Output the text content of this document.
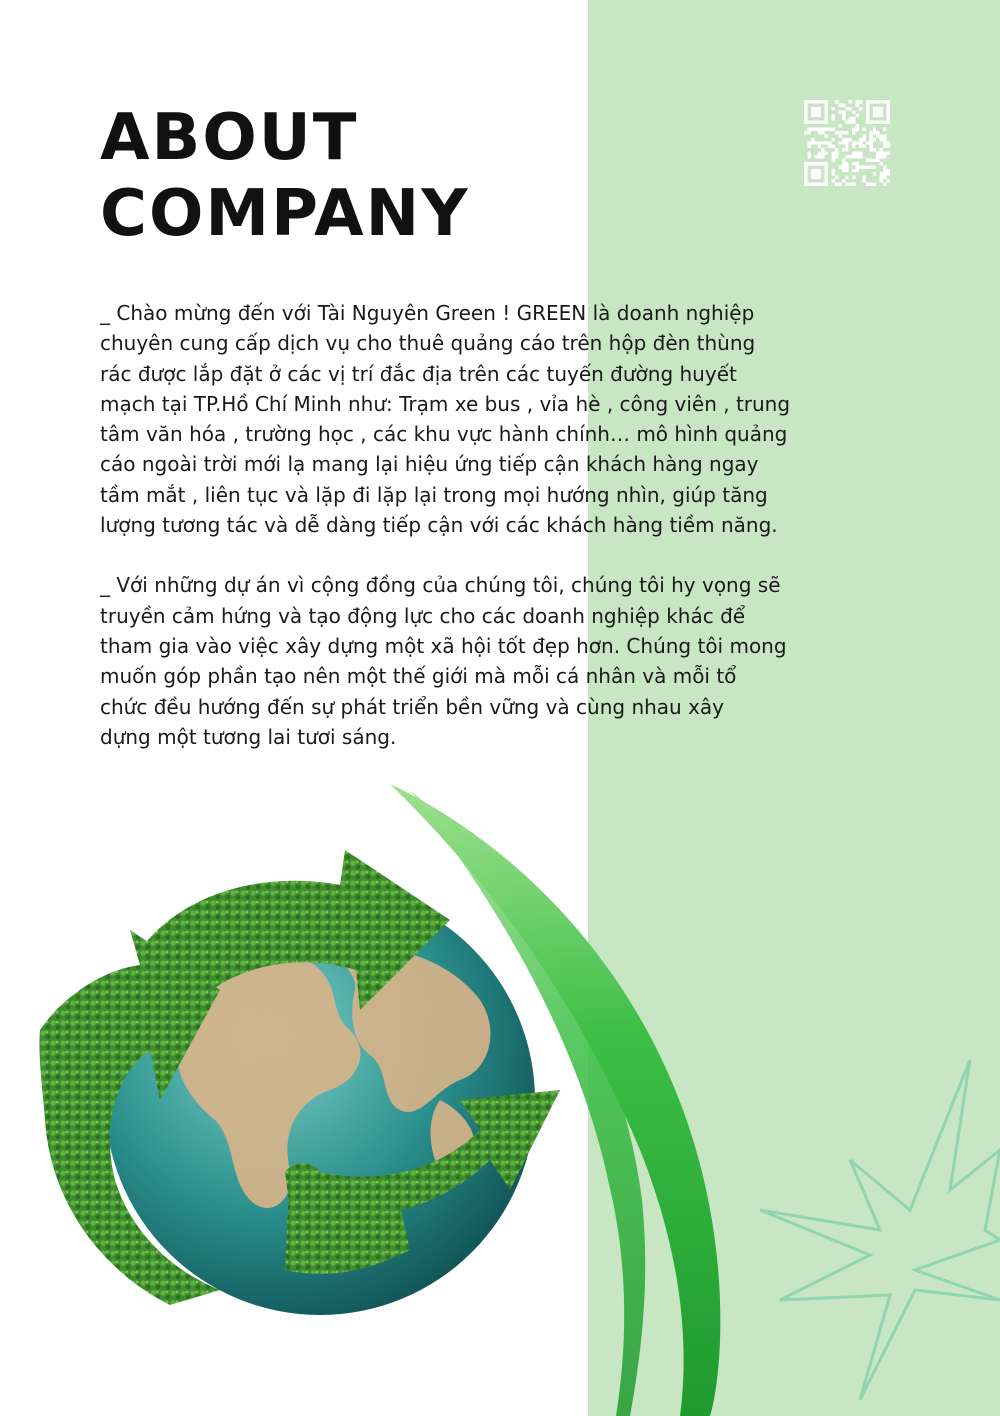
ABOUT
COMPANY

_ Chào mừng đến với Tài Nguyên Green ! GREEN là doanh nghiệp
chuyên cung cấp dịch vụ cho thuê quảng cáo trên hộp đèn thùng
rác được lắp đặt ở các vị trí đắc địa trên các tuyến đường huyết
mạch tại TP.Hồ Chí Minh như: Trạm xe bus , vỉa hè , công viên , trung
tâm văn hóa , trường học , các khu vực hành chính… mô hình quảng
cáo ngoài trời mới lạ mang lại hiệu ứng tiếp cận khách hàng ngay
tầm mắt , liên tục và lặp đi lặp lại trong mọi hướng nhìn, giúp tăng
lượng tương tác và dễ dàng tiếp cận với các khách hàng tiềm năng.

_ Với những dự án vì cộng đồng của chúng tôi, chúng tôi hy vọng sẽ
truyền cảm hứng và tạo động lực cho các doanh nghiệp khác để
tham gia vào việc xây dựng một xã hội tốt đẹp hơn. Chúng tôi mong
muốn góp phần tạo nên một thế giới mà mỗi cá nhân và mỗi tổ
chức đều hướng đến sự phát triển bền vững và cùng nhau xây
dựng một tương lai tươi sáng.
